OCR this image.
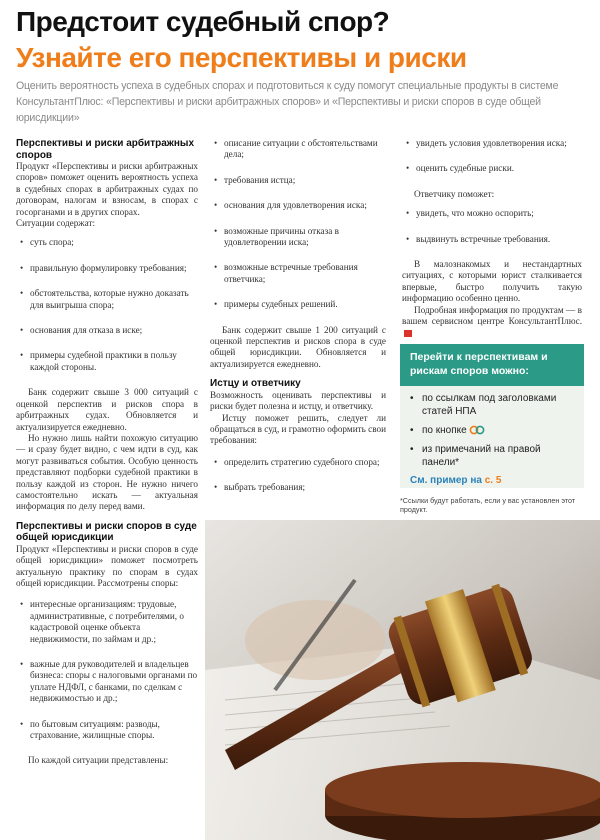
Предстоит судебный спор?
Узнайте его перспективы и риски
Оценить вероятность успеха в судебных спорах и подготовиться к суду помогут специальные продукты в системе КонсультантПлюс: «Перспективы и риски арбитражных споров» и «Перспективы и риски споров в суде общей юрисдикции»
Перспективы и риски арбитражных споров

Продукт «Перспективы и риски арбитражных споров» поможет оценить вероятность успеха в судебных спорах в арбитражных судах по договорам, налогам и взносам, в спорах с госорганами и в других спорах.

Ситуации содержат:

• суть спора;
• правильную формулировку требования;
• обстоятельства, которые нужно доказать для выигрыша спора;
• основания для отказа в иске;
• примеры судебной практики в пользу каждой стороны.

Банк содержит свыше 3 000 ситуаций с оценкой перспектив и рисков спора в арбитражных судах. Обновляется и актуализируется ежедневно.

Но нужно лишь найти похожую ситуацию — и сразу будет видно, с чем идти в суд, как могут развиваться события. Особую ценность представляют подборки судебной практики в пользу каждой из сторон. Не нужно ничего самостоятельно искать — актуальная информация по делу перед вами.

Перспективы и риски споров в суде общей юрисдикции

Продукт «Перспективы и риски споров в суде общей юрисдикции» поможет посмотреть актуальную практику по спорам в судах общей юрисдикции. Рассмотрены споры:

• интересные организациям: трудовые, административные, с потребителями, о кадастровой оценке объекта недвижимости, по займам и др.;
• важные для руководителей и владельцев бизнеса: споры с налоговыми органами по уплате НДФЛ, с банками, по сделкам с недвижимостью и др.;
• по бытовым ситуациям: разводы, страхование, жилищные споры.

По каждой ситуации представлены:

• описание ситуации с обстоятельствами дела;
• требования истца;
• основания для удовлетворения иска;
• возможные причины отказа в удовлетворении иска;
• возможные встречные требования ответчика;
• примеры судебных решений.

Банк содержит свыше 1 200 ситуаций с оценкой перспектив и рисков спора в суде общей юрисдикции. Обновляется и актуализируется ежедневно.

Истцу и ответчику

Возможность оценивать перспективы и риски будет полезна и истцу, и ответчику.

Истцу поможет решить, следует ли обращаться в суд, и грамотно оформить свои требования:

• определить стратегию судебного спора;
• выбрать требования;
• увидеть условия удовлетворения иска;
• оценить судебные риски.

Ответчику поможет:

• увидеть, что можно оспорить;
• выдвинуть встречные требования.

В малознакомых и нестандартных ситуациях, с которыми юрист сталкивается впервые, быстро получить такую информацию особенно ценно.

Подробная информация по продуктам — в вашем сервисном центре КонсультантПлюс.

Перейти к перспективам и рискам споров можно:
• по ссылкам под заголовками статей НПА
• по кнопке
• из примечаний на правой панели*
См. пример на с. 5
*Ссылки будут работать, если у вас установлен этот продукт.
